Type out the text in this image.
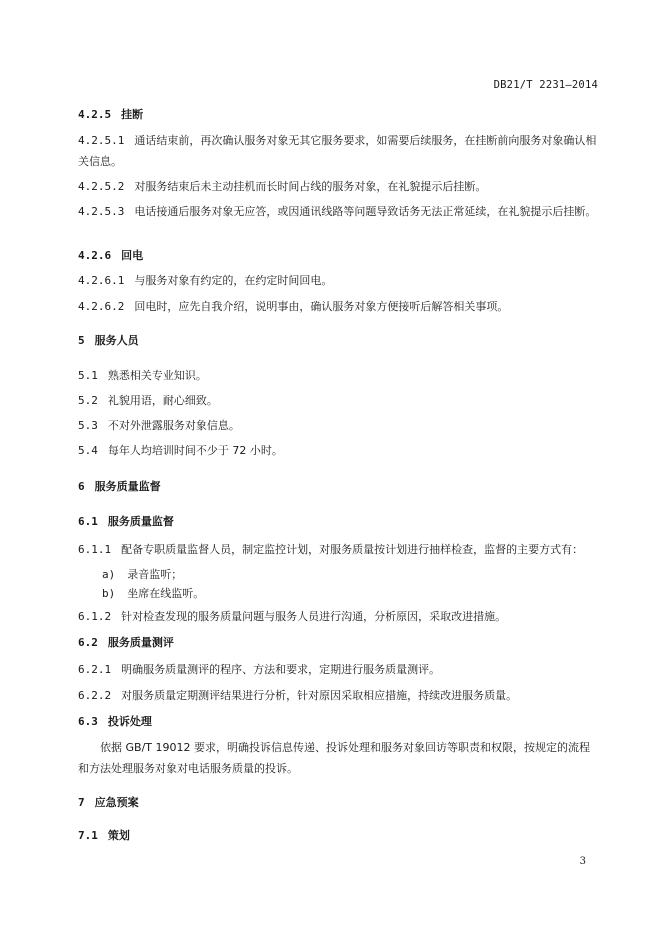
DB21/T 2231—2014
4.2.5 挂断
4.2.5.1 通话结束前，再次确认服务对象无其它服务要求，如需要后续服务，在挂断前向服务对象确认相关信息。
4.2.5.2 对服务结束后未主动挂机而长时间占线的服务对象，在礼貌提示后挂断。
4.2.5.3 电话接通后服务对象无应答，或因通讯线路等问题导致话务无法正常延续，在礼貌提示后挂断。
4.2.6 回电
4.2.6.1 与服务对象有约定的，在约定时间回电。
4.2.6.2 回电时，应先自我介绍，说明事由，确认服务对象方便接听后解答相关事项。
5 服务人员
5.1 熟悉相关专业知识。
5.2 礼貌用语，耐心细致。
5.3 不对外泄露服务对象信息。
5.4 每年人均培训时间不少于 72 小时。
6 服务质量监督
6.1 服务质量监督
6.1.1 配备专职质量监督人员，制定监控计划，对服务质量按计划进行抽样检查，监督的主要方式有：
a) 录音监听；
b) 坐席在线监听。
6.1.2 针对检查发现的服务质量问题与服务人员进行沟通，分析原因，采取改进措施。
6.2 服务质量测评
6.2.1 明确服务质量测评的程序、方法和要求，定期进行服务质量测评。
6.2.2 对服务质量定期测评结果进行分析，针对原因采取相应措施，持续改进服务质量。
6.3 投诉处理
依据 GB/T 19012 要求，明确投诉信息传递、投诉处理和服务对象回访等职责和权限，按规定的流程和方法处理服务对象对电话服务质量的投诉。
7 应急预案
7.1 策划
3
